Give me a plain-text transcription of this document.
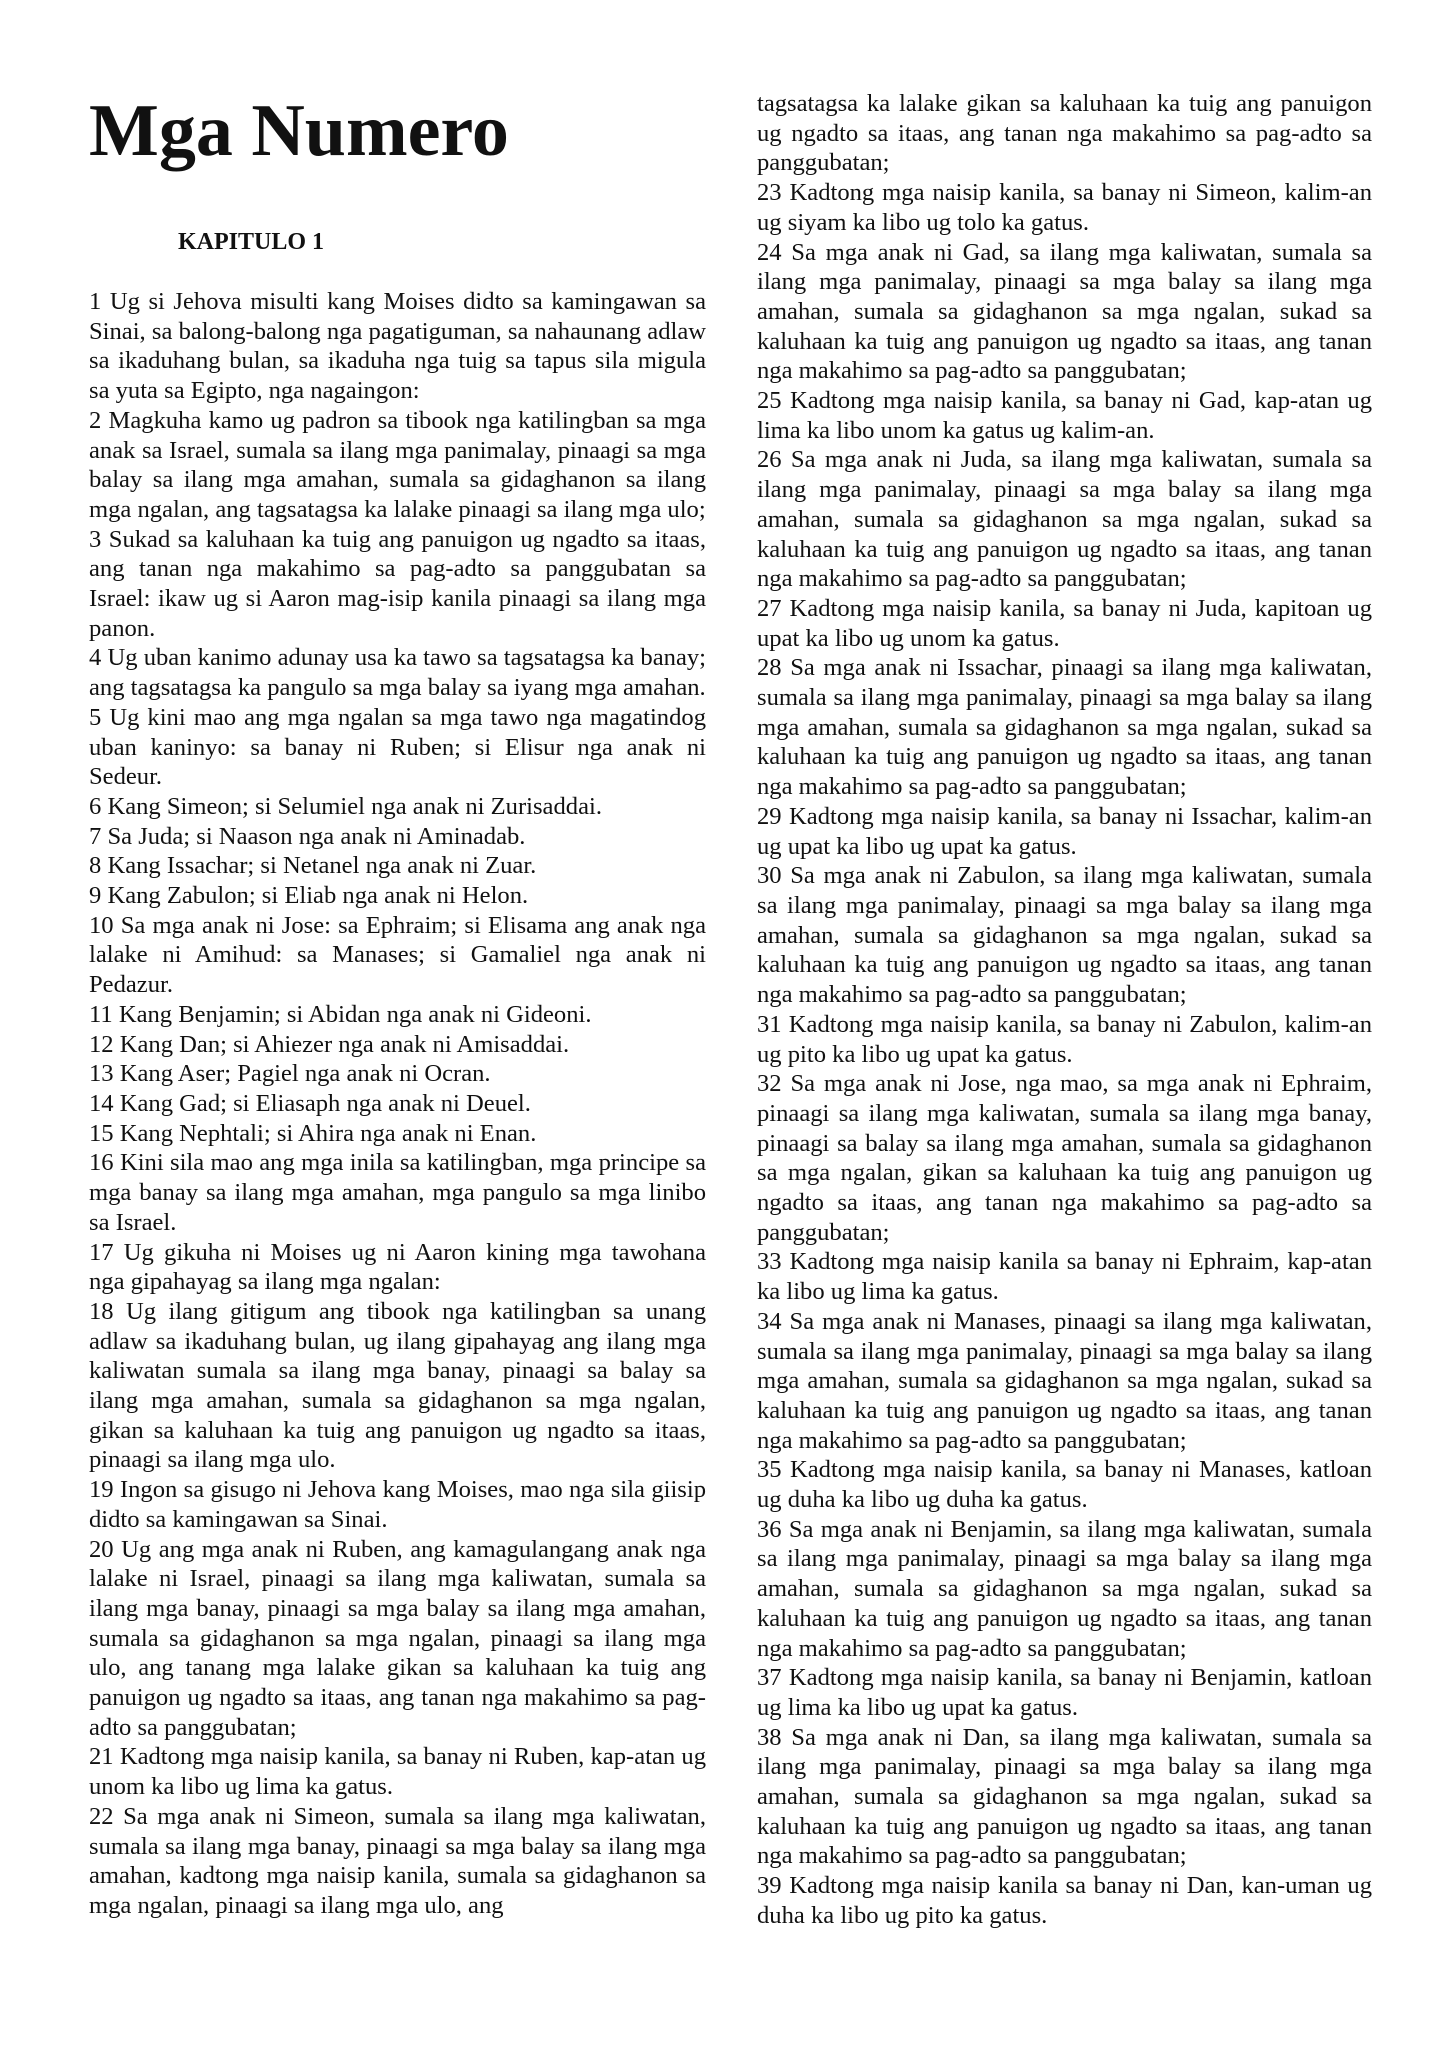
Mga Numero
KAPITULO 1

1 Ug si Jehova misulti kang Moises didto sa kamingawan sa Sinai, sa balong-balong nga pagatiguman, sa nahaunang adlaw sa ikaduhang bulan, sa ikaduha nga tuig sa tapus sila migula sa yuta sa Egipto, nga nagaingon:

2 Magkuha kamo ug padron sa tibook nga katilingban sa mga anak sa Israel, sumala sa ilang mga panimalay, pinaagi sa mga balay sa ilang mga amahan, sumala sa gidaghanon sa ilang mga ngalan, ang tagsatagsa ka lalake pinaagi sa ilang mga ulo;

3 Sukad sa kaluhaan ka tuig ang panuigon ug ngadto sa itaas, ang tanan nga makahimo sa pag-adto sa panggubatan sa Israel: ikaw ug si Aaron mag-isip kanila pinaagi sa ilang mga panon.

4 Ug uban kanimo adunay usa ka tawo sa tagsatagsa ka banay; ang tagsatagsa ka pangulo sa mga balay sa iyang mga amahan.

5 Ug kini mao ang mga ngalan sa mga tawo nga magatindog uban kaninyo: sa banay ni Ruben; si Elisur nga anak ni Sedeur.

6 Kang Simeon; si Selumiel nga anak ni Zurisaddai.

7 Sa Juda; si Naason nga anak ni Aminadab.

8 Kang Issachar; si Netanel nga anak ni Zuar.

9 Kang Zabulon; si Eliab nga anak ni Helon.

10 Sa mga anak ni Jose: sa Ephraim; si Elisama ang anak nga lalake ni Amihud: sa Manases; si Gamaliel nga anak ni Pedazur.

11 Kang Benjamin; si Abidan nga anak ni Gideoni.

12 Kang Dan; si Ahiezer nga anak ni Amisaddai.

13 Kang Aser; Pagiel nga anak ni Ocran.

14 Kang Gad; si Eliasaph nga anak ni Deuel.

15 Kang Nephtali; si Ahira nga anak ni Enan.

16 Kini sila mao ang mga inila sa katilingban, mga principe sa mga banay sa ilang mga amahan, mga pangulo sa mga linibo sa Israel.

17 Ug gikuha ni Moises ug ni Aaron kining mga tawohana nga gipahayag sa ilang mga ngalan:

18 Ug ilang gitigum ang tibook nga katilingban sa unang adlaw sa ikaduhang bulan, ug ilang gipahayag ang ilang mga kaliwatan sumala sa ilang mga banay, pinaagi sa balay sa ilang mga amahan, sumala sa gidaghanon sa mga ngalan, gikan sa kaluhaan ka tuig ang panuigon ug ngadto sa itaas, pinaagi sa ilang mga ulo.

19 Ingon sa gisugo ni Jehova kang Moises, mao nga sila giisip didto sa kamingawan sa Sinai.

20 Ug ang mga anak ni Ruben, ang kamagulangang anak nga lalake ni Israel, pinaagi sa ilang mga kaliwatan, sumala sa ilang mga banay, pinaagi sa mga balay sa ilang mga amahan, sumala sa gidaghanon sa mga ngalan, pinaagi sa ilang mga ulo, ang tanang mga lalake gikan sa kaluhaan ka tuig ang panuigon ug ngadto sa itaas, ang tanan nga makahimo sa pag-adto sa panggubatan;

21 Kadtong mga naisip kanila, sa banay ni Ruben, kap-atan ug unom ka libo ug lima ka gatus.

22 Sa mga anak ni Simeon, sumala sa ilang mga kaliwatan, sumala sa ilang mga banay, pinaagi sa mga balay sa ilang mga amahan, kadtong mga naisip kanila, sumala sa gidaghanon sa mga ngalan, pinaagi sa ilang mga ulo, ang

tagsatagsa ka lalake gikan sa kaluhaan ka tuig ang panuigon ug ngadto sa itaas, ang tanan nga makahimo sa pag-adto sa panggubatan;

23 Kadtong mga naisip kanila, sa banay ni Simeon, kalim-an ug siyam ka libo ug tolo ka gatus.

24 Sa mga anak ni Gad, sa ilang mga kaliwatan, sumala sa ilang mga panimalay, pinaagi sa mga balay sa ilang mga amahan, sumala sa gidaghanon sa mga ngalan, sukad sa kaluhaan ka tuig ang panuigon ug ngadto sa itaas, ang tanan nga makahimo sa pag-adto sa panggubatan;

25 Kadtong mga naisip kanila, sa banay ni Gad, kap-atan ug lima ka libo unom ka gatus ug kalim-an.

26 Sa mga anak ni Juda, sa ilang mga kaliwatan, sumala sa ilang mga panimalay, pinaagi sa mga balay sa ilang mga amahan, sumala sa gidaghanon sa mga ngalan, sukad sa kaluhaan ka tuig ang panuigon ug ngadto sa itaas, ang tanan nga makahimo sa pag-adto sa panggubatan;

27 Kadtong mga naisip kanila, sa banay ni Juda, kapitoan ug upat ka libo ug unom ka gatus.

28 Sa mga anak ni Issachar, pinaagi sa ilang mga kaliwatan, sumala sa ilang mga panimalay, pinaagi sa mga balay sa ilang mga amahan, sumala sa gidaghanon sa mga ngalan, sukad sa kaluhaan ka tuig ang panuigon ug ngadto sa itaas, ang tanan nga makahimo sa pag-adto sa panggubatan;

29 Kadtong mga naisip kanila, sa banay ni Issachar, kalim-an ug upat ka libo ug upat ka gatus.

30 Sa mga anak ni Zabulon, sa ilang mga kaliwatan, sumala sa ilang mga panimalay, pinaagi sa mga balay sa ilang mga amahan, sumala sa gidaghanon sa mga ngalan, sukad sa kaluhaan ka tuig ang panuigon ug ngadto sa itaas, ang tanan nga makahimo sa pag-adto sa panggubatan;

31 Kadtong mga naisip kanila, sa banay ni Zabulon, kalim-an ug pito ka libo ug upat ka gatus.

32 Sa mga anak ni Jose, nga mao, sa mga anak ni Ephraim, pinaagi sa ilang mga kaliwatan, sumala sa ilang mga banay, pinaagi sa balay sa ilang mga amahan, sumala sa gidaghanon sa mga ngalan, gikan sa kaluhaan ka tuig ang panuigon ug ngadto sa itaas, ang tanan nga makahimo sa pag-adto sa panggubatan;

33 Kadtong mga naisip kanila sa banay ni Ephraim, kap-atan ka libo ug lima ka gatus.

34 Sa mga anak ni Manases, pinaagi sa ilang mga kaliwatan, sumala sa ilang mga panimalay, pinaagi sa mga balay sa ilang mga amahan, sumala sa gidaghanon sa mga ngalan, sukad sa kaluhaan ka tuig ang panuigon ug ngadto sa itaas, ang tanan nga makahimo sa pag-adto sa panggubatan;

35 Kadtong mga naisip kanila, sa banay ni Manases, katloan ug duha ka libo ug duha ka gatus.

36 Sa mga anak ni Benjamin, sa ilang mga kaliwatan, sumala sa ilang mga panimalay, pinaagi sa mga balay sa ilang mga amahan, sumala sa gidaghanon sa mga ngalan, sukad sa kaluhaan ka tuig ang panuigon ug ngadto sa itaas, ang tanan nga makahimo sa pag-adto sa panggubatan;

37 Kadtong mga naisip kanila, sa banay ni Benjamin, katloan ug lima ka libo ug upat ka gatus.

38 Sa mga anak ni Dan, sa ilang mga kaliwatan, sumala sa ilang mga panimalay, pinaagi sa mga balay sa ilang mga amahan, sumala sa gidaghanon sa mga ngalan, sukad sa kaluhaan ka tuig ang panuigon ug ngadto sa itaas, ang tanan nga makahimo sa pag-adto sa panggubatan;

39 Kadtong mga naisip kanila sa banay ni Dan, kan-uman ug duha ka libo ug pito ka gatus.
